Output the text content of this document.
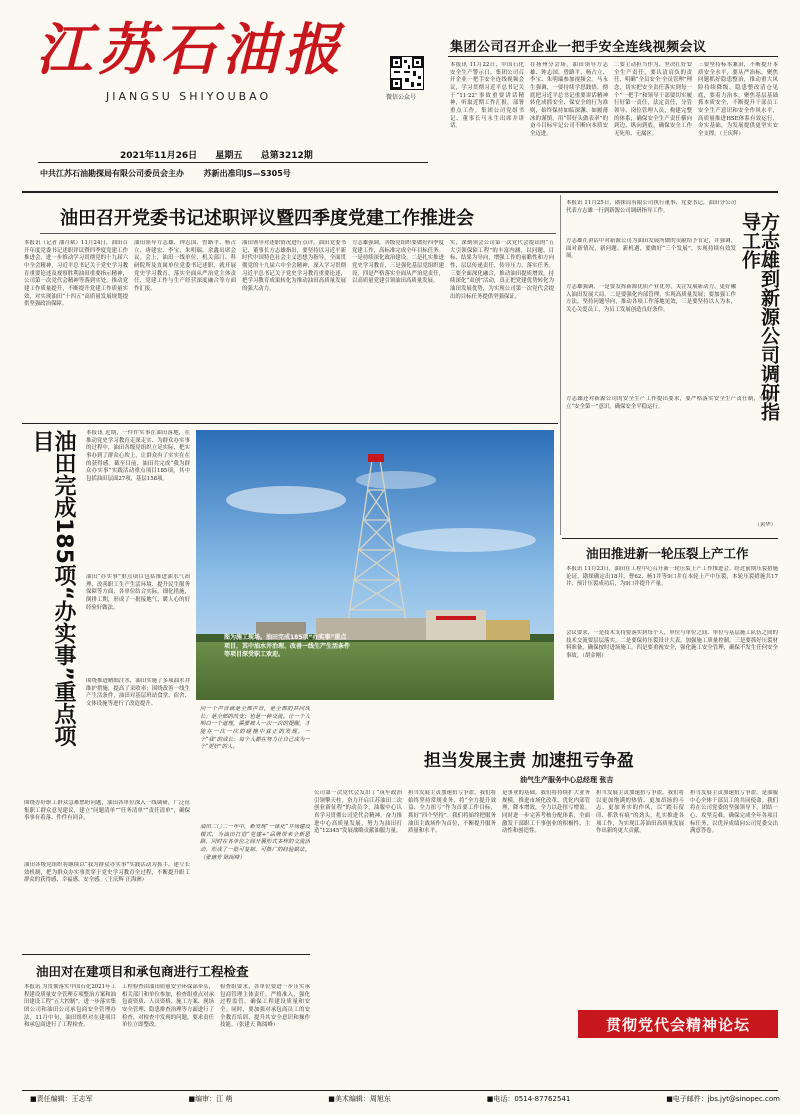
江苏石油报
JIANGSU SHIYOUBAO	微信公众号
2021年11月26日 星期五 总第3212期
中共江苏石油勘探局有限公司委员会主办 苏新出准印JS—S305号
集团公司召开企业一把手安全连线视频会议
本报讯 11月22日，中国石化安全生产警示日，集团公司召开企业一把手安全连线视频会议，学习贯彻习近平总书记关于“11·22”事故重要讲话精神，听取近期工作汇报，部署重点工作。集团公司党组书记、董事长马永生出席并讲话。
在扬州分会场，油田领导方志雄、钟志国、曾路平、杨占立、李宝、朱明瑞参加视频会。马永生强调，一要持续学思践悟，彻底把习近平总书记重要讲话精神转化成抓安全、保安全的行为准则，始终保持如临深渊、如履薄冰的谨慎，用“带好头做表率”的奋斗目标牢记公司不断向本质安全迈进。
二要主动担当作为，坚决扛好安全生产责任，要认清肩负的责任，明确“全员安全·全员管理”理念，切实把安全责任落实到每一个“一把手”和领导干部要切实履行好第一责任，法定责任，分管领导、岗位管理人员，构建完整的体系，确保安全生产责任横向到边、纵向到底。确保安全工作无死角、无漏区。
三要坚持标本兼治，不断提升本质安全水平，要从严治标，聚焦问题抓好隐患整治，推动重大风险持续降级，隐患整改清仓见底，要着力治本，聚焦基层基础抓本质安全，不断提升干部员工安全生产意识和安全作风水平，高质量推进HSE体系有效运行，夯实基础，为发展提供更坚实安全支撑。（王庆辉）
油田召开党委书记述职评议暨四季度党建工作推进会
本报讯（记者 潘月斌）11月24日，油田召开年度党委书记述职评议暨四季度党建工作推进会，进一步推动学习贯彻党的十九届六中全会精神，习近平总书记关于党史学习教育重要论述及视察胜利油田重要指示精神，公司第一次党代会精神等落到实处，推动党建工作质量提升，不断提升党建工作质量实效，对实现油田“十四五”高质量发展规划提供坚强政治保障。
油田领导方志雄、钟志国、曾路平、杨占立、唐建宏、李宝、朱明瑞、余鑫出席会议。会上，油田一线单位、机关部门、科研院所及直属单位党委书记述职，就开展党史学习教育、落实全面从严治党主体责任、党建工作与生产经营深度融合等方面作汇报。
油田领导对述职情况进行点评。油田党委书记、董事长方志雄指出，要坚持以习近平新时代中国特色社会主义思想为指导，全面贯彻党的十九届六中全会精神，深入学习贯彻习近平总书记关于党史学习教育重要论述，把学习教育成果转化为推动油田高质量发展的强大动力。
方志雄强调，各级党组织要做好四季度党建工作，高标准完成全年目标任务。一是持续深化政治建设，二是扎实推进党史学习教育，三是强化基层党组织建设，四是严格落实全面从严治党责任，以高质量党建引领油田高质量发展。
实，深刻领会公司第一次党代会提出的“五大引领保障工程”的丰富内涵，以问题、目标、结果为导向，增强工作的前瞻性和方向性，层层传递责任，传导压力，落实任务。三要全面深化融合，推动油田提质增效，持续深化“双创”活动，真正把党建优势转化为油田发展优势，为实现公司第一次党代会提出的目标任务提供坚强保证。	方志雄到新源公司调研指导工作
本报讯 11月25日，勘探局有限公司执行董事、党委书记，油田分公司代表方志雄一行到新源公司调研指导工作。
方志雄在讲话中对新源公司为油田发展所做的贡献给予肯定，并强调，面对新情况、新问题、新机遇，要做好“三个发展”，实现持续有效发展。
方志雄强调，一是要发挥新源优质产业优势，关注发展新动力，更好融入油田发展大局。二是要强化内部管理，实现高质量发展；要加强工作方法，坚持问题导向，推动各项工作落地见效，三是要坚持以人为本，关心关爱员工，为员工发展创造良好条件。
方志雄还对新源公司的安全生产工作提出要求，要严格落实安全生产责任制，牢固树立“安全第一”意识，确保安全平稳运行。
（黄华）
油田完成185项“办实事”重点项目	本报讯 近期，一件件实事在油田落地，在推动党史学习教育走深走实、为群众办实事的过程中，油田各级党组织立足实际，把实事办到了群众心坎上，让群众有了实实在在的获得感。截至目前，油田共完成“我为群众办实事”实践活动重点项目185项，其中包括油田层面27项，基层158项。
油田“办实事”重点项目包括推进油水气治理、改善职工生产生活环境、提升民生服务保障等方面，各单位结合实际，细化措施，倒排工期，形成了一批接地气、暖人心的好经验好做法。
围绕推进精细注水，油田实施了多项油水井维护措施，提高了采收率；围绕改善一线生产生活条件，油田对基层班站食堂、宿舍、文体设施等进行了改造提升。
围绕办好职工群众急难愁盼问题，油田各单位深入一线调研，广泛征集职工群众意见建议，建立“问题清单”“任务清单”“责任清单”，确保事事有着落、件件有回音。
油田各级党组织将继续以“我为群众办实事”实践活动为抓手，建立长效机制，把为群众办实事贯穿于党史学习教育全过程，不断提升职工群众的获得感、幸福感、安全感。（王庆辉 汪海洲）
图为施工现场。油田完成185项“办实事”重点项目，其中油水井治理、改善一线生产生活条件等项目深受职工欢迎。
油田推进新一轮压裂上产工作
本报讯 11月23日，油田在工程中心召开新一轮压裂上产工作推进会。经过前期压裂措施论证，勘探确定出18井、曹62、杨1井等9口井在本轮上产中压裂，本轮压裂措施共17井，预计压裂成功后，为9口井提升产量。
会议要求，一是技术支持要落实到每个人，单位与单位之间、单位与基层施工队伍之间的技术交流要层层落实。二是要保持压裂设计大表，加强施工质量控制。三是要抓好压裂材料准备，确保按时进场施工。四是要重视安全，强化施工安全管理，确保不发生任何安全事故。（胡金刚）
同一个声音就是全部声音，是全部的共同成长；是全部的改变；也是一种交流。让一个人明白一个道理，需要被人一次一次的提醒，才能在一次一次的碰撞中真正的发现，一个“我”的成长：每个人都在努力让自己成为一个“更好”的人。
油田二〇二一年中，新发现“一体化”井场建设模式，为油田打造“党建+”品牌带来全新思路，同时在各单位之间开展形式多样的交流活动，形成了一批可复制、可推广的经验做法。（张德芳 陈阅峰）
担当发展主责 加速扭亏争盈
油气生产服务中心总经理 张吉
公司第一次党代会发出了“筑牢政治引领擎天柱，奋力开启江苏油田二次创业新征程”的动员令，油服中心认真学习贯彻公司党代会精神，奋力推进中心高质量发展，努力为油田打造“12345”发展战略贡献油服力量。
担当发展主责加速扭亏争盈。我们将始终坚持常规业务，将“全力提升效益、全力扭亏”作为首要工作目标，抓好“四个坚持”。我们将始终把服务油田主战场作为首位，不断提升服务质量和水平。
是事业的基础。我们将持续扩大业务规模，推进市场化改革，优化内部管理，降本增效，全力以赴扭亏增盈。同时进一步完善考核分配体系，全面激发干部职工干事创业的积极性、主动性和创造性。
担当发展主责加速扭亏争盈。我们将以更加饱满的热情、更加昂扬的斗志、更加务实的作风，以“踏石留印、抓铁有痕”的劲头，扎实推进各项工作，为实现江苏油田高质量发展作出新的更大贡献。
担当发展主责加速扭亏争盈，是油服中心全体干部员工的共同使命。我们将在公司党委的坚强领导下，团结一心、攻坚克难，确保完成全年各项目标任务，以优异成绩向公司党委交出满意答卷。
油田对在建项目和承包商进行工程检查
本报讯 为贯彻落实中国石化2021年工程建设质量安全管理专项整治方案和油田建设工程“五大控制”，进一步落实集团公司和油田公司承包商安全管理办法，11月中旬，油田组织对在建项目和承包商进行了工程检查。
工程检查由油田质量安全环保部牵头，相关部门和单位参加，检查组重点对承包商资质、人员资格、施工方案、现场安全管理、隐患排查治理等方面进行了检查，对检查中发现的问题，要求责任单位立即整改。
检查组要求，各单位要进一步压实承包商管理主体责任，严格准入，强化过程监管，确保工程建设质量和安全。同时，要加强对承包商员工的安全教育培训，提升其安全意识和操作技能。（张建天 陈阅峰）	贯彻党代会精神论坛
■责任编辑：王志军	■编审：江 萌	■美术编辑：周旭东	■电话：0514-87762541	■电子邮件：jbs.jyt@sinopec.com
